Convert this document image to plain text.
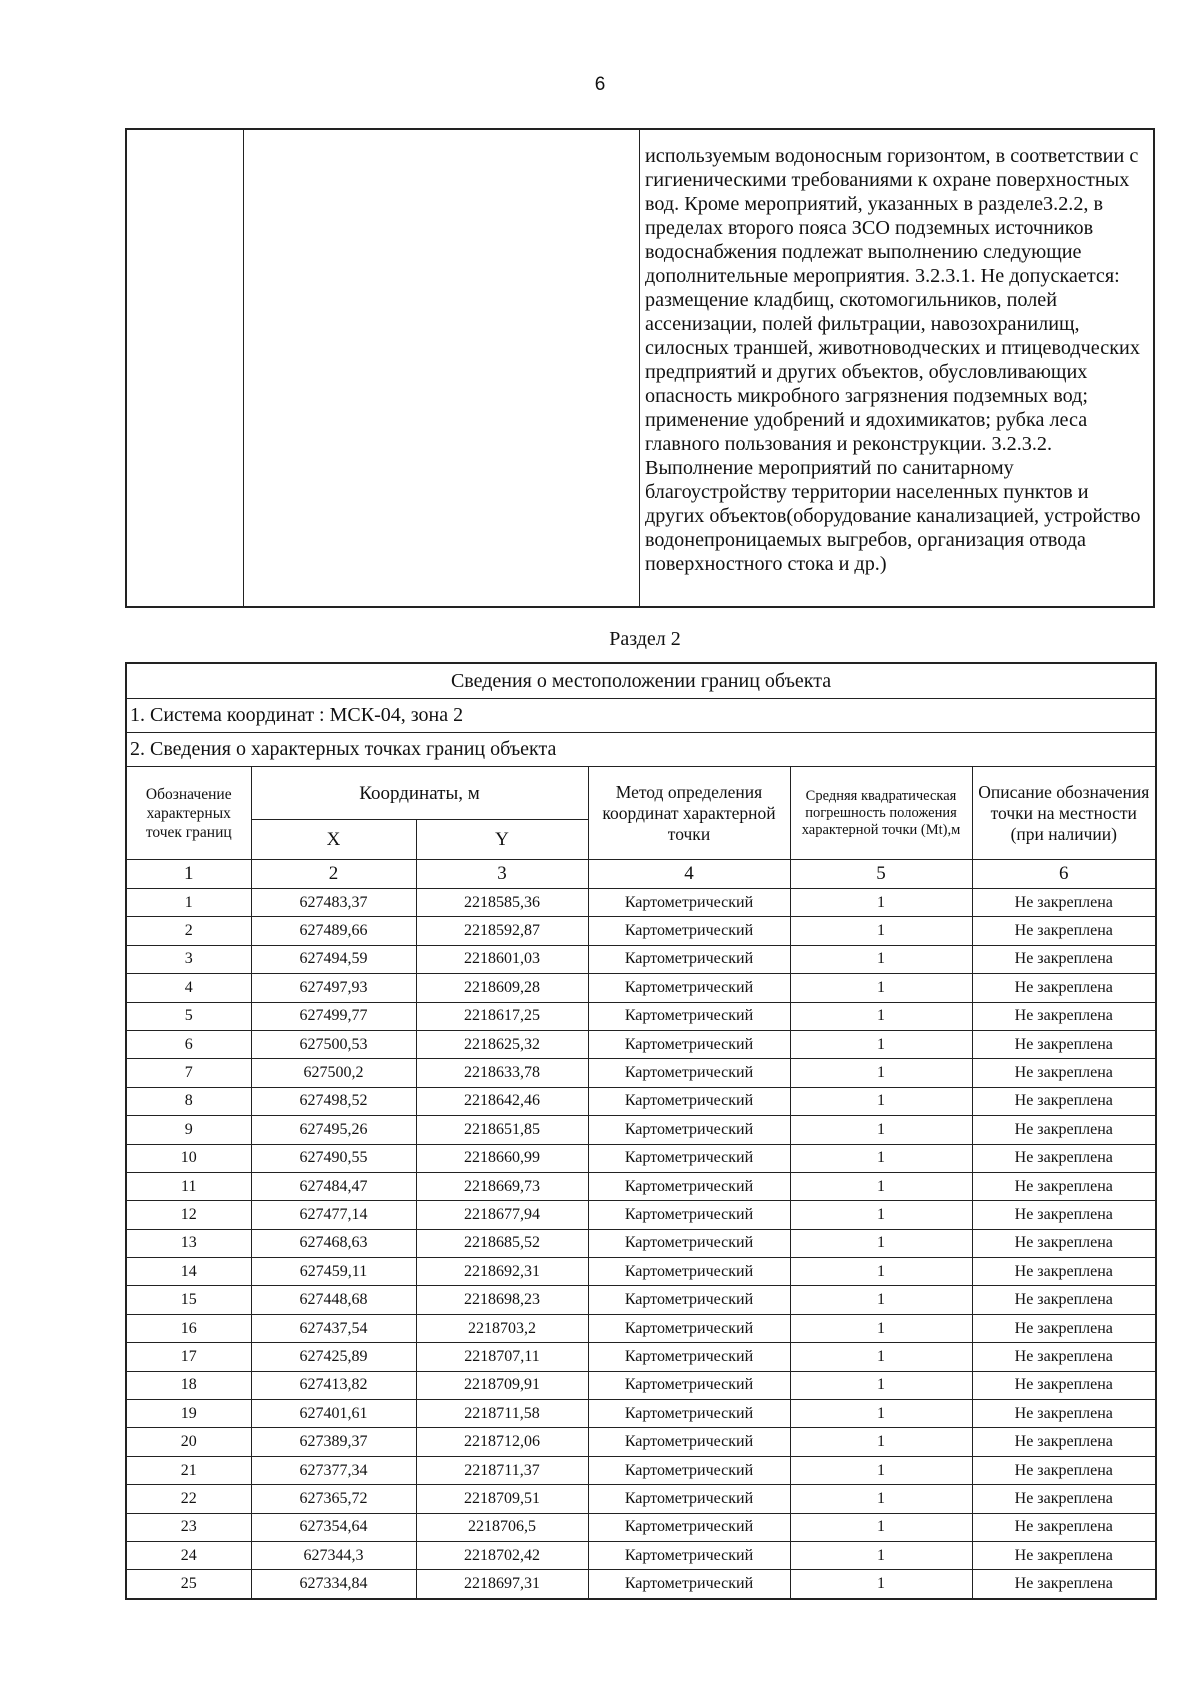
6
используемым водоносным горизонтом, в соответствии с гигиеническими требованиями к охране поверхностных вод. Кроме мероприятий, указанных в разделе3.2.2, в пределах второго пояса ЗСО подземных источников водоснабжения подлежат выполнению следующие дополнительные мероприятия. 3.2.3.1. Не допускается: размещение кладбищ, скотомогильников, полей ассенизации, полей фильтрации, навозохранилищ, силосных траншей, животноводческих и птицеводческих предприятий и других объектов, обусловливающих опасность микробного загрязнения подземных вод; применение удобрений и ядохимикатов; рубка леса главного пользования и реконструкции. 3.2.3.2. Выполнение мероприятий по санитарному благоустройству территории населенных пунктов и других объектов(оборудование канализацией, устройство водонепроницаемых выгребов, организация отвода поверхностного стока и др.)
Раздел 2
Сведения о местоположении границ объекта					
1. Система координат : МСК-04, зона 2					
2. Сведения о характерных точках границ объекта					
Обозначение характерных точек границ	Координаты, м		Метод определения координат характерной точки	Средняя квадратическая погрешность положения характерной точки (Mt),м	Описание обозначения точки на местности (при наличии)
	X	Y			
1	2	3	4	5	6
1	627483,37	2218585,36	Картометрический	1	Не закреплена
2	627489,66	2218592,87	Картометрический	1	Не закреплена
3	627494,59	2218601,03	Картометрический	1	Не закреплена
4	627497,93	2218609,28	Картометрический	1	Не закреплена
5	627499,77	2218617,25	Картометрический	1	Не закреплена
6	627500,53	2218625,32	Картометрический	1	Не закреплена
7	627500,2	2218633,78	Картометрический	1	Не закреплена
8	627498,52	2218642,46	Картометрический	1	Не закреплена
9	627495,26	2218651,85	Картометрический	1	Не закреплена
10	627490,55	2218660,99	Картометрический	1	Не закреплена
11	627484,47	2218669,73	Картометрический	1	Не закреплена
12	627477,14	2218677,94	Картометрический	1	Не закреплена
13	627468,63	2218685,52	Картометрический	1	Не закреплена
14	627459,11	2218692,31	Картометрический	1	Не закреплена
15	627448,68	2218698,23	Картометрический	1	Не закреплена
16	627437,54	2218703,2	Картометрический	1	Не закреплена
17	627425,89	2218707,11	Картометрический	1	Не закреплена
18	627413,82	2218709,91	Картометрический	1	Не закреплена
19	627401,61	2218711,58	Картометрический	1	Не закреплена
20	627389,37	2218712,06	Картометрический	1	Не закреплена
21	627377,34	2218711,37	Картометрический	1	Не закреплена
22	627365,72	2218709,51	Картометрический	1	Не закреплена
23	627354,64	2218706,5	Картометрический	1	Не закреплена
24	627344,3	2218702,42	Картометрический	1	Не закреплена
25	627334,84	2218697,31	Картометрический	1	Не закреплена
